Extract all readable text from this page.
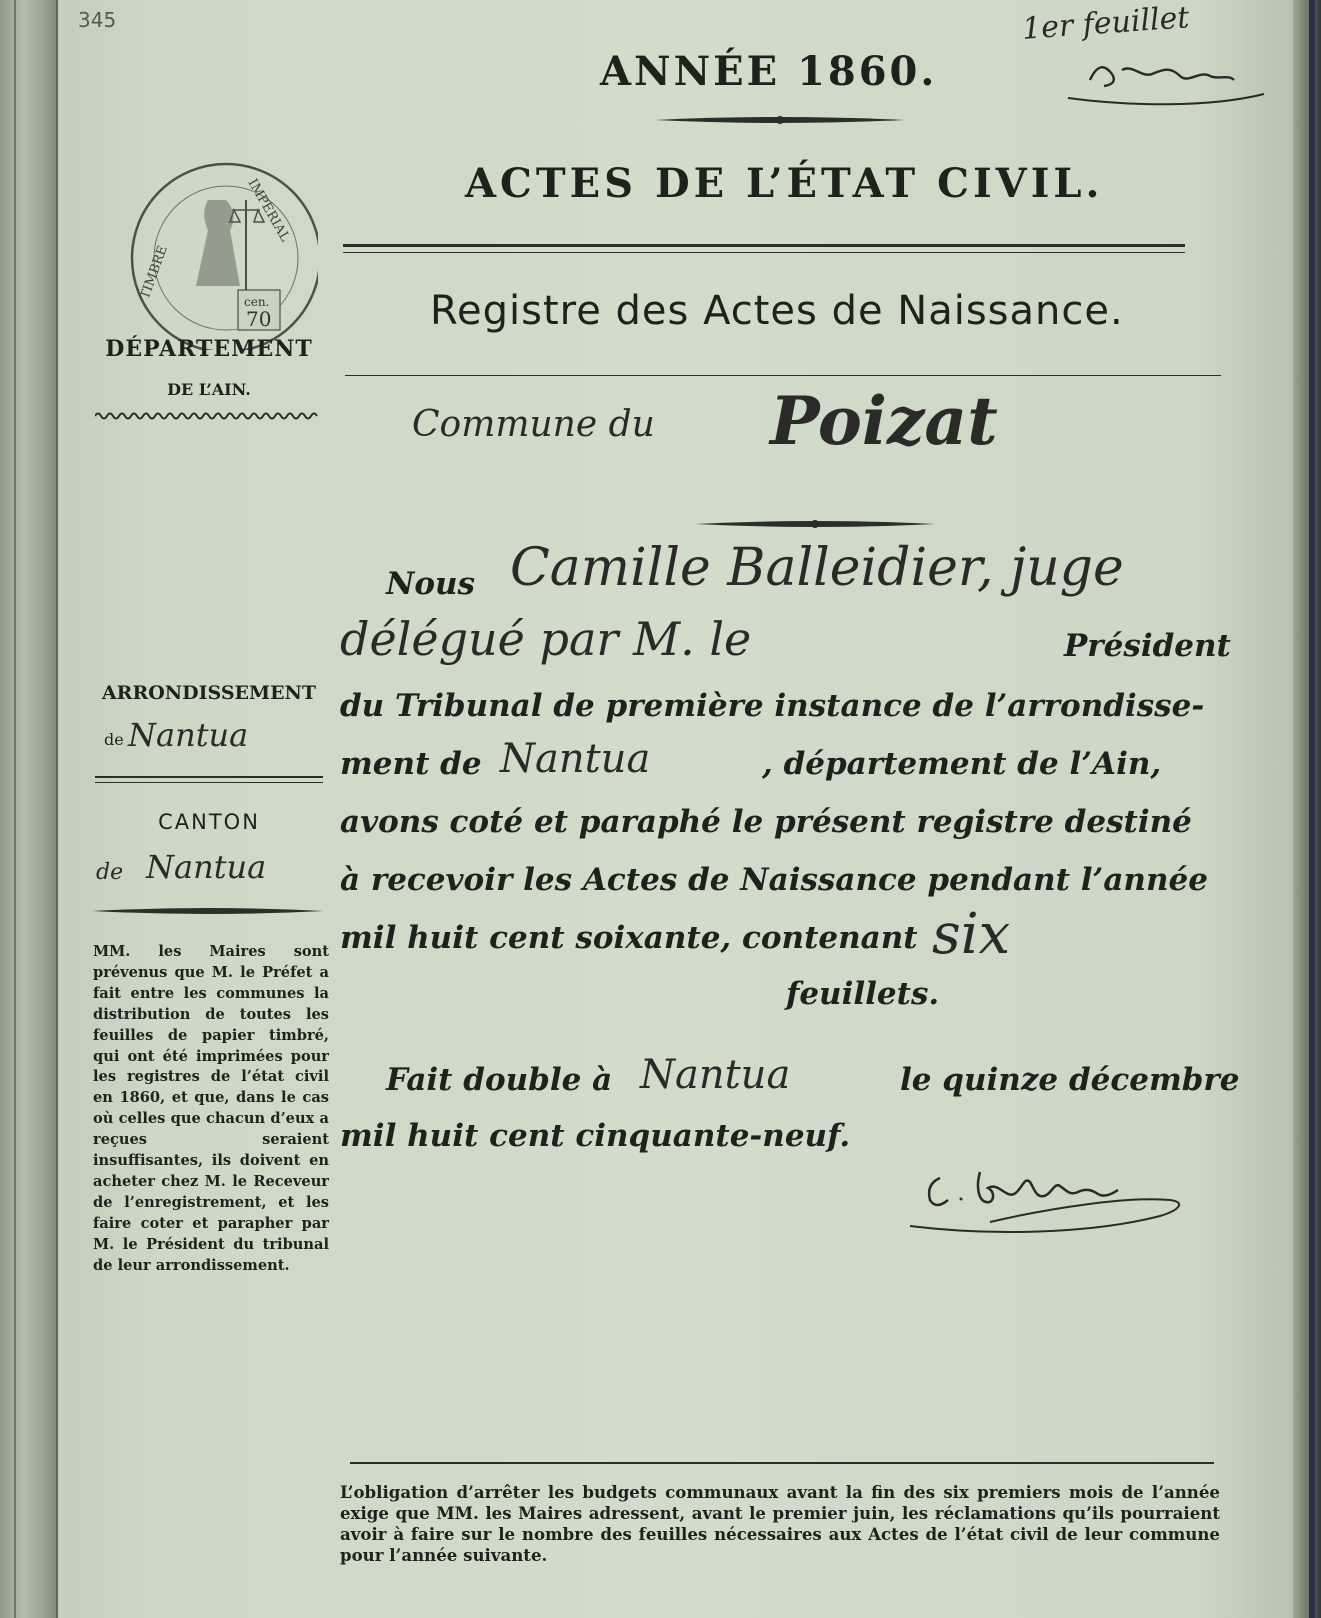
345	1er feuillet
ANNÉE 1860.
ACTES DE L’ÉTAT CIVIL.
Registre des Actes de Naissance.
TIMBRE
IMPERIAL
cen.
70
DÉPARTEMENT
DE L’AIN.
ARRONDISSEMENT
de Nantua
CANTON
de Nantua
MM. les Maires sont prévenus que M. le Préfet a fait entre les communes la distribution de toutes les feuilles de papier timbré, qui ont été imprimées pour les registres de l’état civil en 1860, et que, dans le cas où celles que chacun d’eux a reçues seraient insuffisantes, ils doivent en acheter chez M. le Receveur de l’enregistrement, et les faire coter et parapher par M. le Président du tribunal de leur arrondissement.
Commune du Poizat
Nous Camille Balleidier, juge
délégué par M. le	Président
du Tribunal de première instance de l’arrondisse-
ment de Nantua	, département de l’Ain,
avons coté et paraphé le présent registre destiné
à recevoir les Actes de Naissance pendant l’année
mil huit cent soixante, contenant six
feuillets.
Fait double à Nantua	le quinze décembre
mil huit cent cinquante-neuf.
L’obligation d’arrêter les budgets communaux avant la fin des six premiers mois de l’année exige que MM. les Maires adressent, avant le premier juin, les réclamations qu’ils pourraient avoir à faire sur le nombre des feuilles nécessaires aux Actes de l’état civil de leur commune pour l’année suivante.
